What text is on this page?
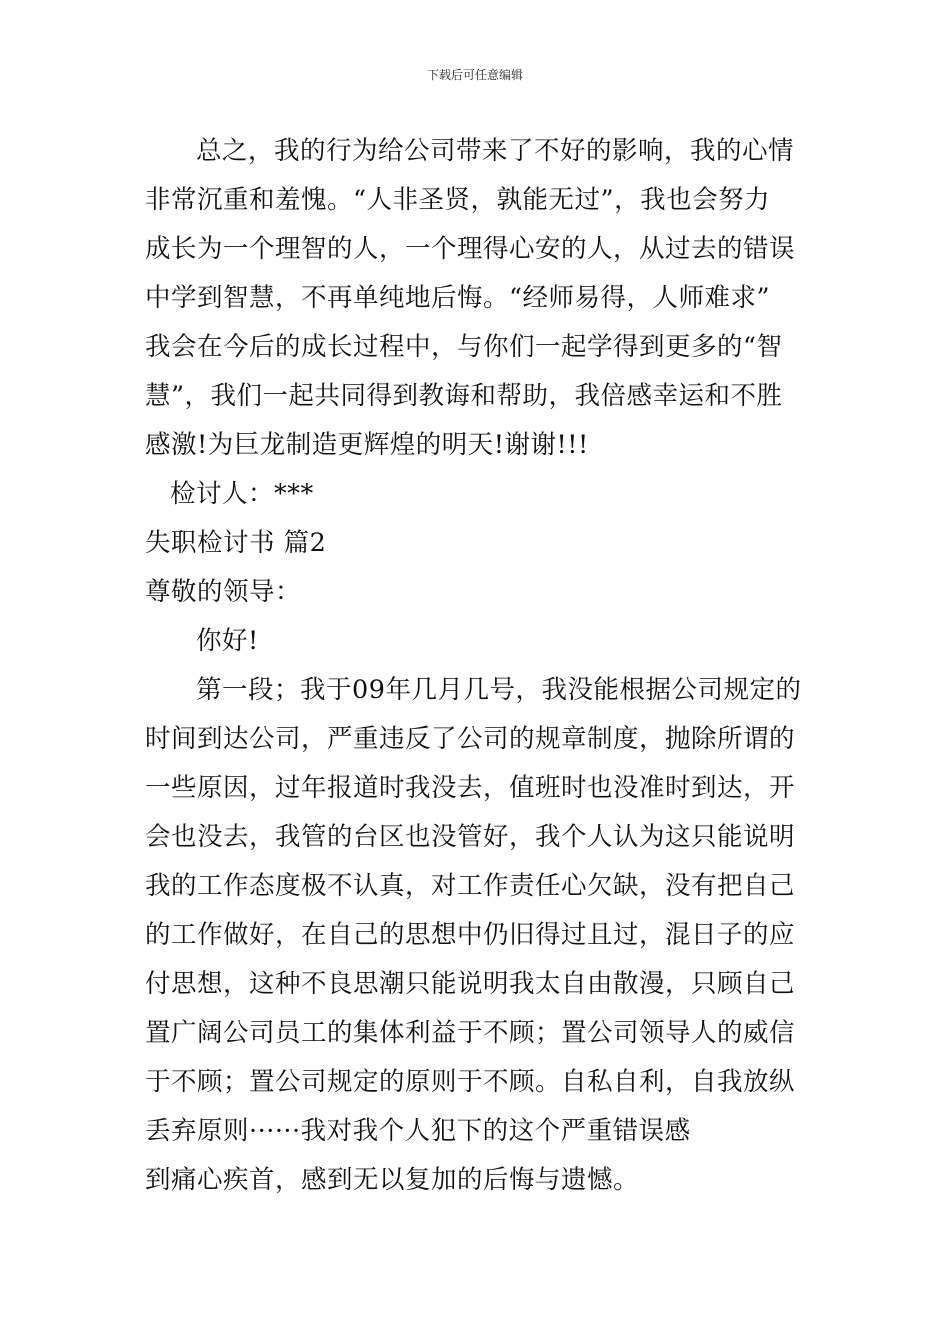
下载后可任意编辑
总之，我的行为给公司带来了不好的影响，我的心情
非常沉重和羞愧。“人非圣贤，孰能无过”，我也会努力
成长为一个理智的人，一个理得心安的人，从过去的错误
中学到智慧，不再单纯地后悔。“经师易得，人师难求”
我会在今后的成长过程中，与你们一起学得到更多的“智
慧”，我们一起共同得到教诲和帮助，我倍感幸运和不胜
感激!为巨龙制造更辉煌的明天!谢谢!!!
检讨人：***
失职检讨书 篇2
尊敬的领导：
你好!
第一段；我于09年几月几号，我没能根据公司规定的
时间到达公司，严重违反了公司的规章制度，抛除所谓的
一些原因，过年报道时我没去，值班时也没准时到达，开
会也没去，我管的台区也没管好，我个人认为这只能说明
我的工作态度极不认真，对工作责任心欠缺，没有把自己
的工作做好，在自己的思想中仍旧得过且过，混日子的应
付思想，这种不良思潮只能说明我太自由散漫，只顾自己
置广阔公司员工的集体利益于不顾；置公司领导人的威信
于不顾；置公司规定的原则于不顾。自私自利，自我放纵
丢弃原则······我对我个人犯下的这个严重错误感
到痛心疾首，感到无以复加的后悔与遗憾。
